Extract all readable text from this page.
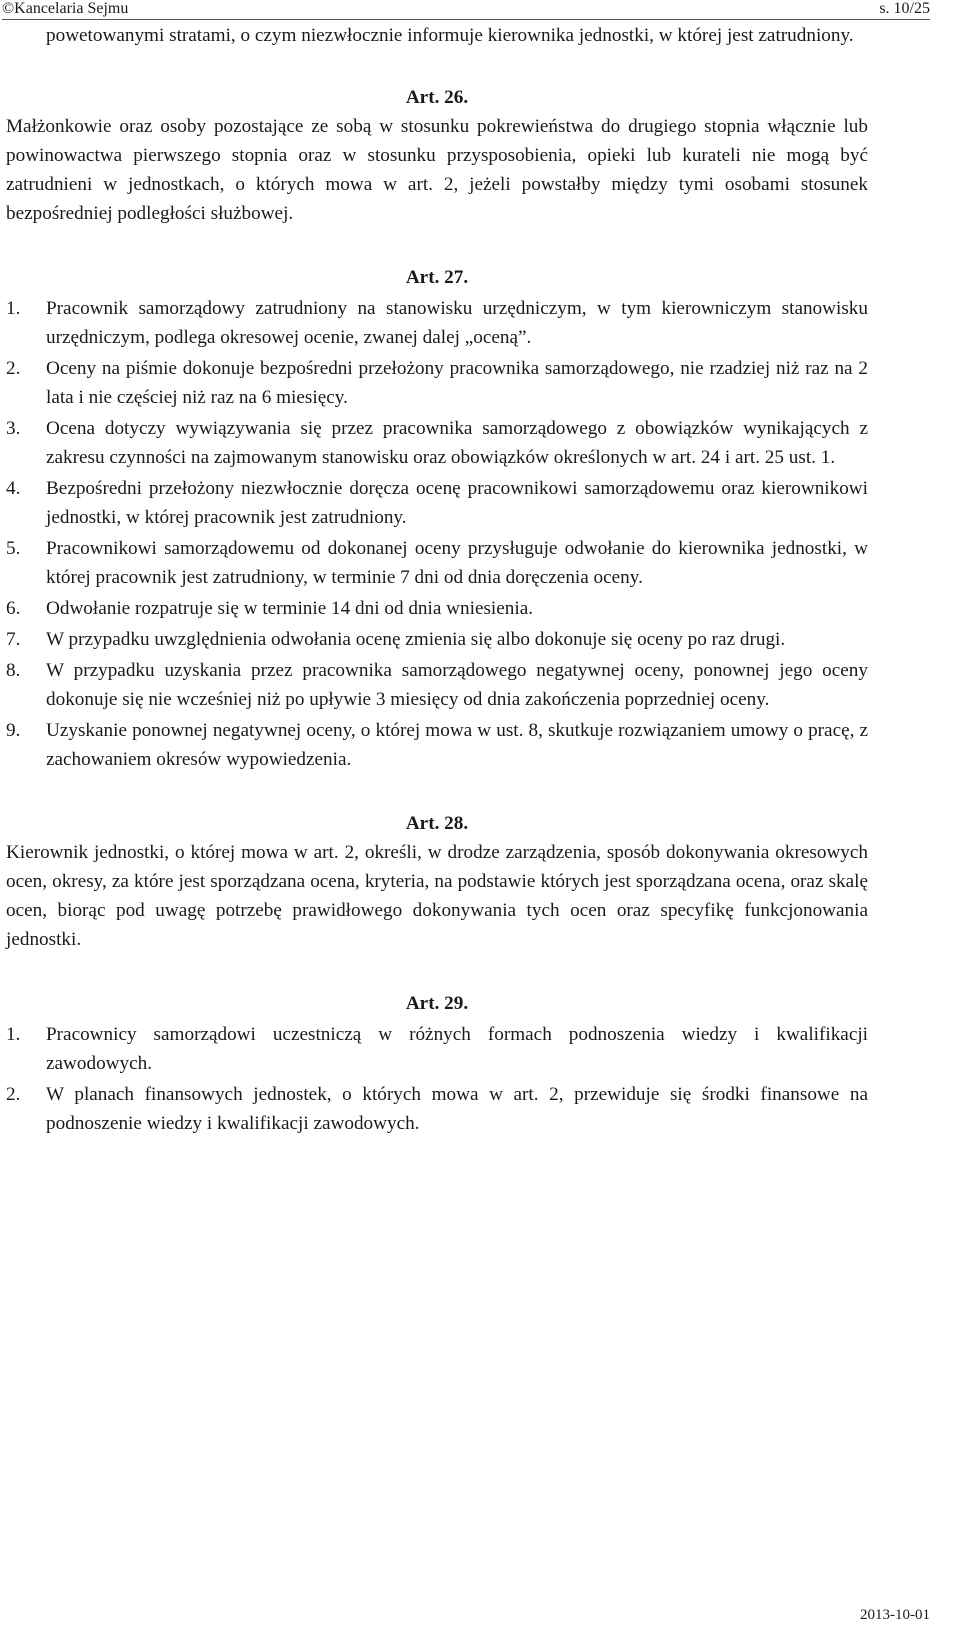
©Kancelaria Sejmu	s. 10/25
powetowanymi stratami, o czym niezwłocznie informuje kierownika jednostki, w której jest zatrudniony.
Art. 26.
Małżonkowie oraz osoby pozostające ze sobą w stosunku pokrewieństwa do drugiego stopnia włącznie lub powinowactwa pierwszego stopnia oraz w stosunku przysposobienia, opieki lub kurateli nie mogą być zatrudnieni w jednostkach, o których mowa w art. 2, jeżeli powstałby między tymi osobami stosunek bezpośredniej podległości służbowej.
Art. 27.
1.	Pracownik samorządowy zatrudniony na stanowisku urzędniczym, w tym kierowniczym stanowisku urzędniczym, podlega okresowej ocenie, zwanej dalej „oceną”.
2.	Oceny na piśmie dokonuje bezpośredni przełożony pracownika samorządowego, nie rzadziej niż raz na 2 lata i nie częściej niż raz na 6 miesięcy.
3.	Ocena dotyczy wywiązywania się przez pracownika samorządowego z obowiązków wynikających z zakresu czynności na zajmowanym stanowisku oraz obowiązków określonych w art. 24 i art. 25 ust. 1.
4.	Bezpośredni przełożony niezwłocznie doręcza ocenę pracownikowi samorządowemu oraz kierownikowi jednostki, w której pracownik jest zatrudniony.
5.	Pracownikowi samorządowemu od dokonanej oceny przysługuje odwołanie do kierownika jednostki, w której pracownik jest zatrudniony, w terminie 7 dni od dnia doręczenia oceny.
6.	Odwołanie rozpatruje się w terminie 14 dni od dnia wniesienia.
7.	W przypadku uwzględnienia odwołania ocenę zmienia się albo dokonuje się oceny po raz drugi.
8.	W przypadku uzyskania przez pracownika samorządowego negatywnej oceny, ponownej jego oceny dokonuje się nie wcześniej niż po upływie 3 miesięcy od dnia zakończenia poprzedniej oceny.
9.	Uzyskanie ponownej negatywnej oceny, o której mowa w ust. 8, skutkuje rozwiązaniem umowy o pracę, z zachowaniem okresów wypowiedzenia.
Art. 28.
Kierownik jednostki, o której mowa w art. 2, określi, w drodze zarządzenia, sposób dokonywania okresowych ocen, okresy, za które jest sporządzana ocena, kryteria, na podstawie których jest sporządzana ocena, oraz skalę ocen, biorąc pod uwagę potrzebę prawidłowego dokonywania tych ocen oraz specyfikę funkcjonowania jednostki.
Art. 29.
1.	Pracownicy samorządowi uczestniczą w różnych formach podnoszenia wiedzy i kwalifikacji zawodowych.
2.	W planach finansowych jednostek, o których mowa w art. 2, przewiduje się środki finansowe na podnoszenie wiedzy i kwalifikacji zawodowych.
2013-10-01
